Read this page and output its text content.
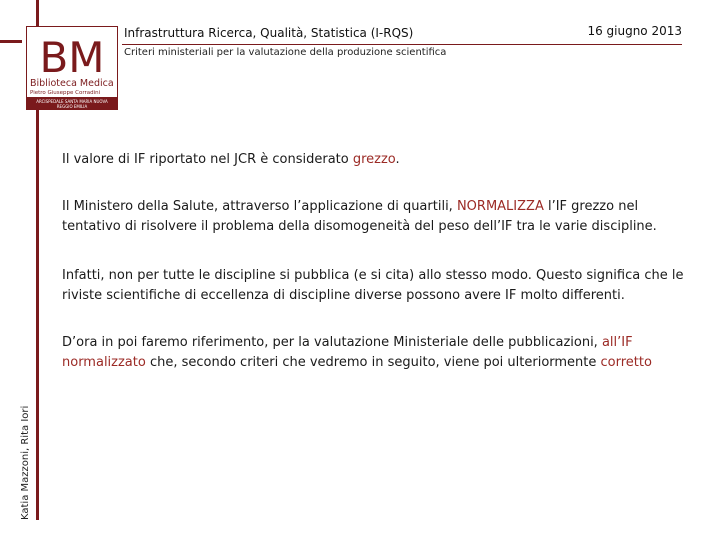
BM
Biblioteca Medica
Pietro Giuseppe Corradini
ARCISPEDALE SANTA MARIA NUOVA
REGGIO EMILIA
Infrastruttura Ricerca, Qualità, Statistica (I-RQS)	16 giugno 2013
Criteri ministeriali per la valutazione della produzione scientifica
Il valore di IF riportato nel JCR è considerato grezzo.
Il Ministero della Salute, attraverso l’applicazione di quartili, NORMALIZZA l’IF grezzo nel tentativo di risolvere il problema della disomogeneità del peso dell’IF tra le varie discipline.
Infatti, non per tutte le discipline si pubblica (e si cita) allo stesso modo. Questo significa che le riviste scientifiche di eccellenza di discipline diverse possono avere IF molto differenti.
D’ora in poi faremo riferimento, per la valutazione Ministeriale delle pubblicazioni, all’IF normalizzato che, secondo criteri che vedremo in seguito, viene poi ulteriormente corretto
Katia Mazzoni, Rita Iori
